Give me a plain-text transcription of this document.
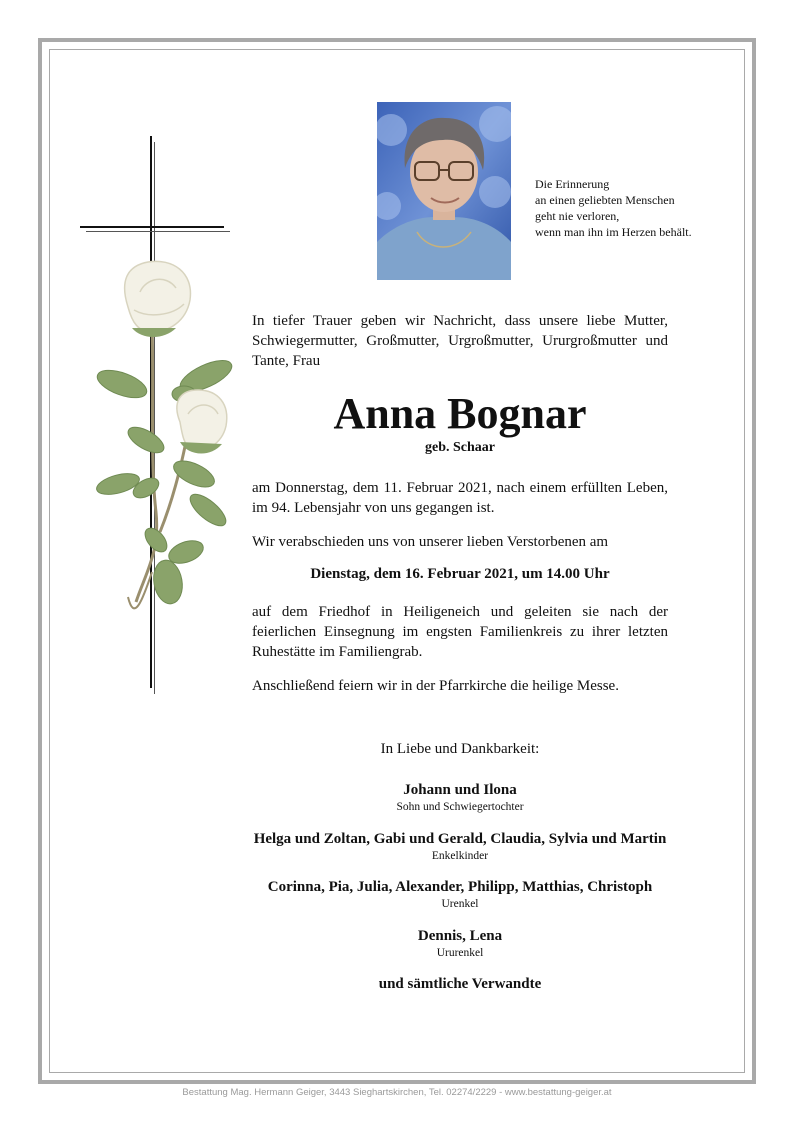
Die Erinnerung
an einen geliebten Menschen
geht nie verloren,
wenn man ihn im Herzen behält.

In tiefer Trauer geben wir Nachricht, dass unsere liebe Mutter, Schwiegermutter, Großmutter, Urgroßmutter, Ururgroßmutter und Tante, Frau

Anna Bognar
geb. Schaar

am Donnerstag, dem 11. Februar 2021, nach einem erfüllten Leben, im 94. Lebensjahr von uns gegangen ist.

Wir verabschieden uns von unserer lieben Verstorbenen am

Dienstag, dem 16. Februar 2021, um 14.00 Uhr

auf dem Friedhof in Heiligeneich und geleiten sie nach der feierlichen Einsegnung im engsten Familienkreis zu ihrer letzten Ruhestätte im Familiengrab.

Anschließend feiern wir in der Pfarrkirche die heilige Messe.

In Liebe und Dankbarkeit:
Johann und Ilona
Sohn und Schwiegertochter
Helga und Zoltan, Gabi und Gerald, Claudia, Sylvia und Martin
Enkelkinder
Corinna, Pia, Julia, Alexander, Philipp, Matthias, Christoph
Urenkel
Dennis, Lena
Ururenkel
und sämtliche Verwandte
Bestattung Mag. Hermann Geiger, 3443 Sieghartskirchen, Tel. 02274/2229 - www.bestattung-geiger.at
